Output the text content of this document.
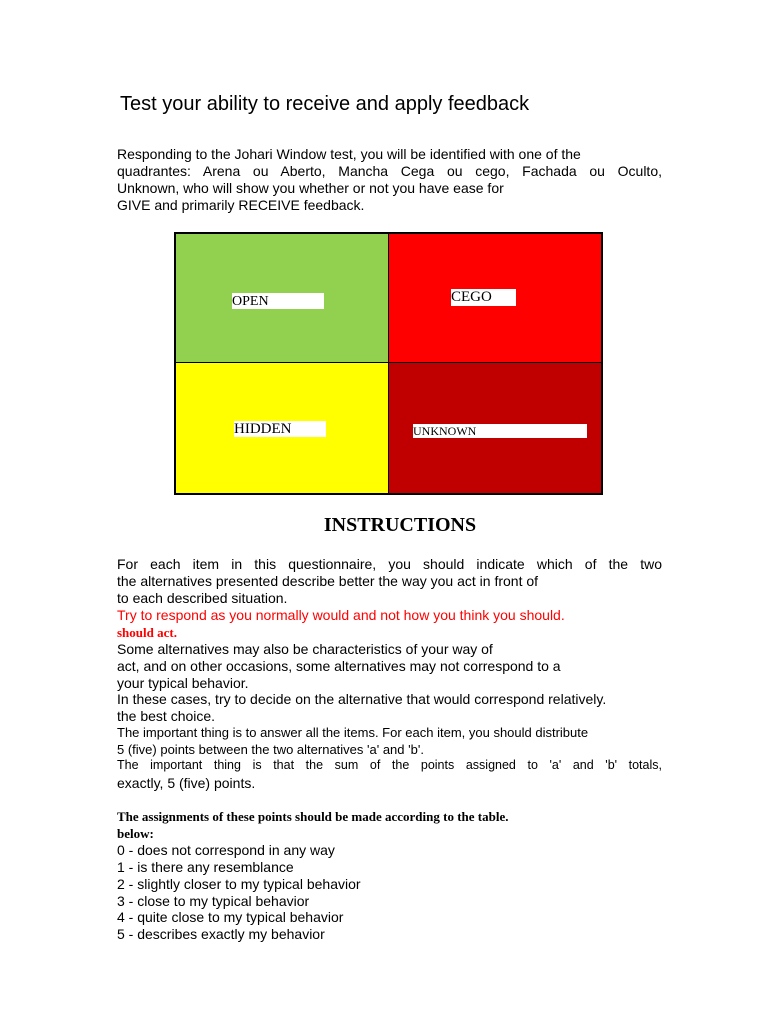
Test your ability to receive and apply feedback
Responding to the Johari Window test, you will be identified with one of the
quadrantes: Arena ou Aberto, Mancha Cega ou cego, Fachada ou Oculto,
Unknown, who will show you whether or not you have ease for
GIVE and primarily RECEIVE feedback.
OPEN	CEGO
HIDDEN	UNKNOWN
INSTRUCTIONS
For each item in this questionnaire, you should indicate which of the two
the alternatives presented describe better the way you act in front of
to each described situation.
Try to respond as you normally would and not how you think you should.
should act.
Some alternatives may also be characteristics of your way of
act, and on other occasions, some alternatives may not correspond to a
your typical behavior.
In these cases, try to decide on the alternative that would correspond relatively.
the best choice.
The important thing is to answer all the items. For each item, you should distribute
5 (five) points between the two alternatives 'a' and 'b'.
The important thing is that the sum of the points assigned to 'a' and 'b' totals,
exactly, 5 (five) points.
The assignments of these points should be made according to the table.
below:
0 - does not correspond in any way
1 - is there any resemblance
2 - slightly closer to my typical behavior
3 - close to my typical behavior
4 - quite close to my typical behavior
5 - describes exactly my behavior
